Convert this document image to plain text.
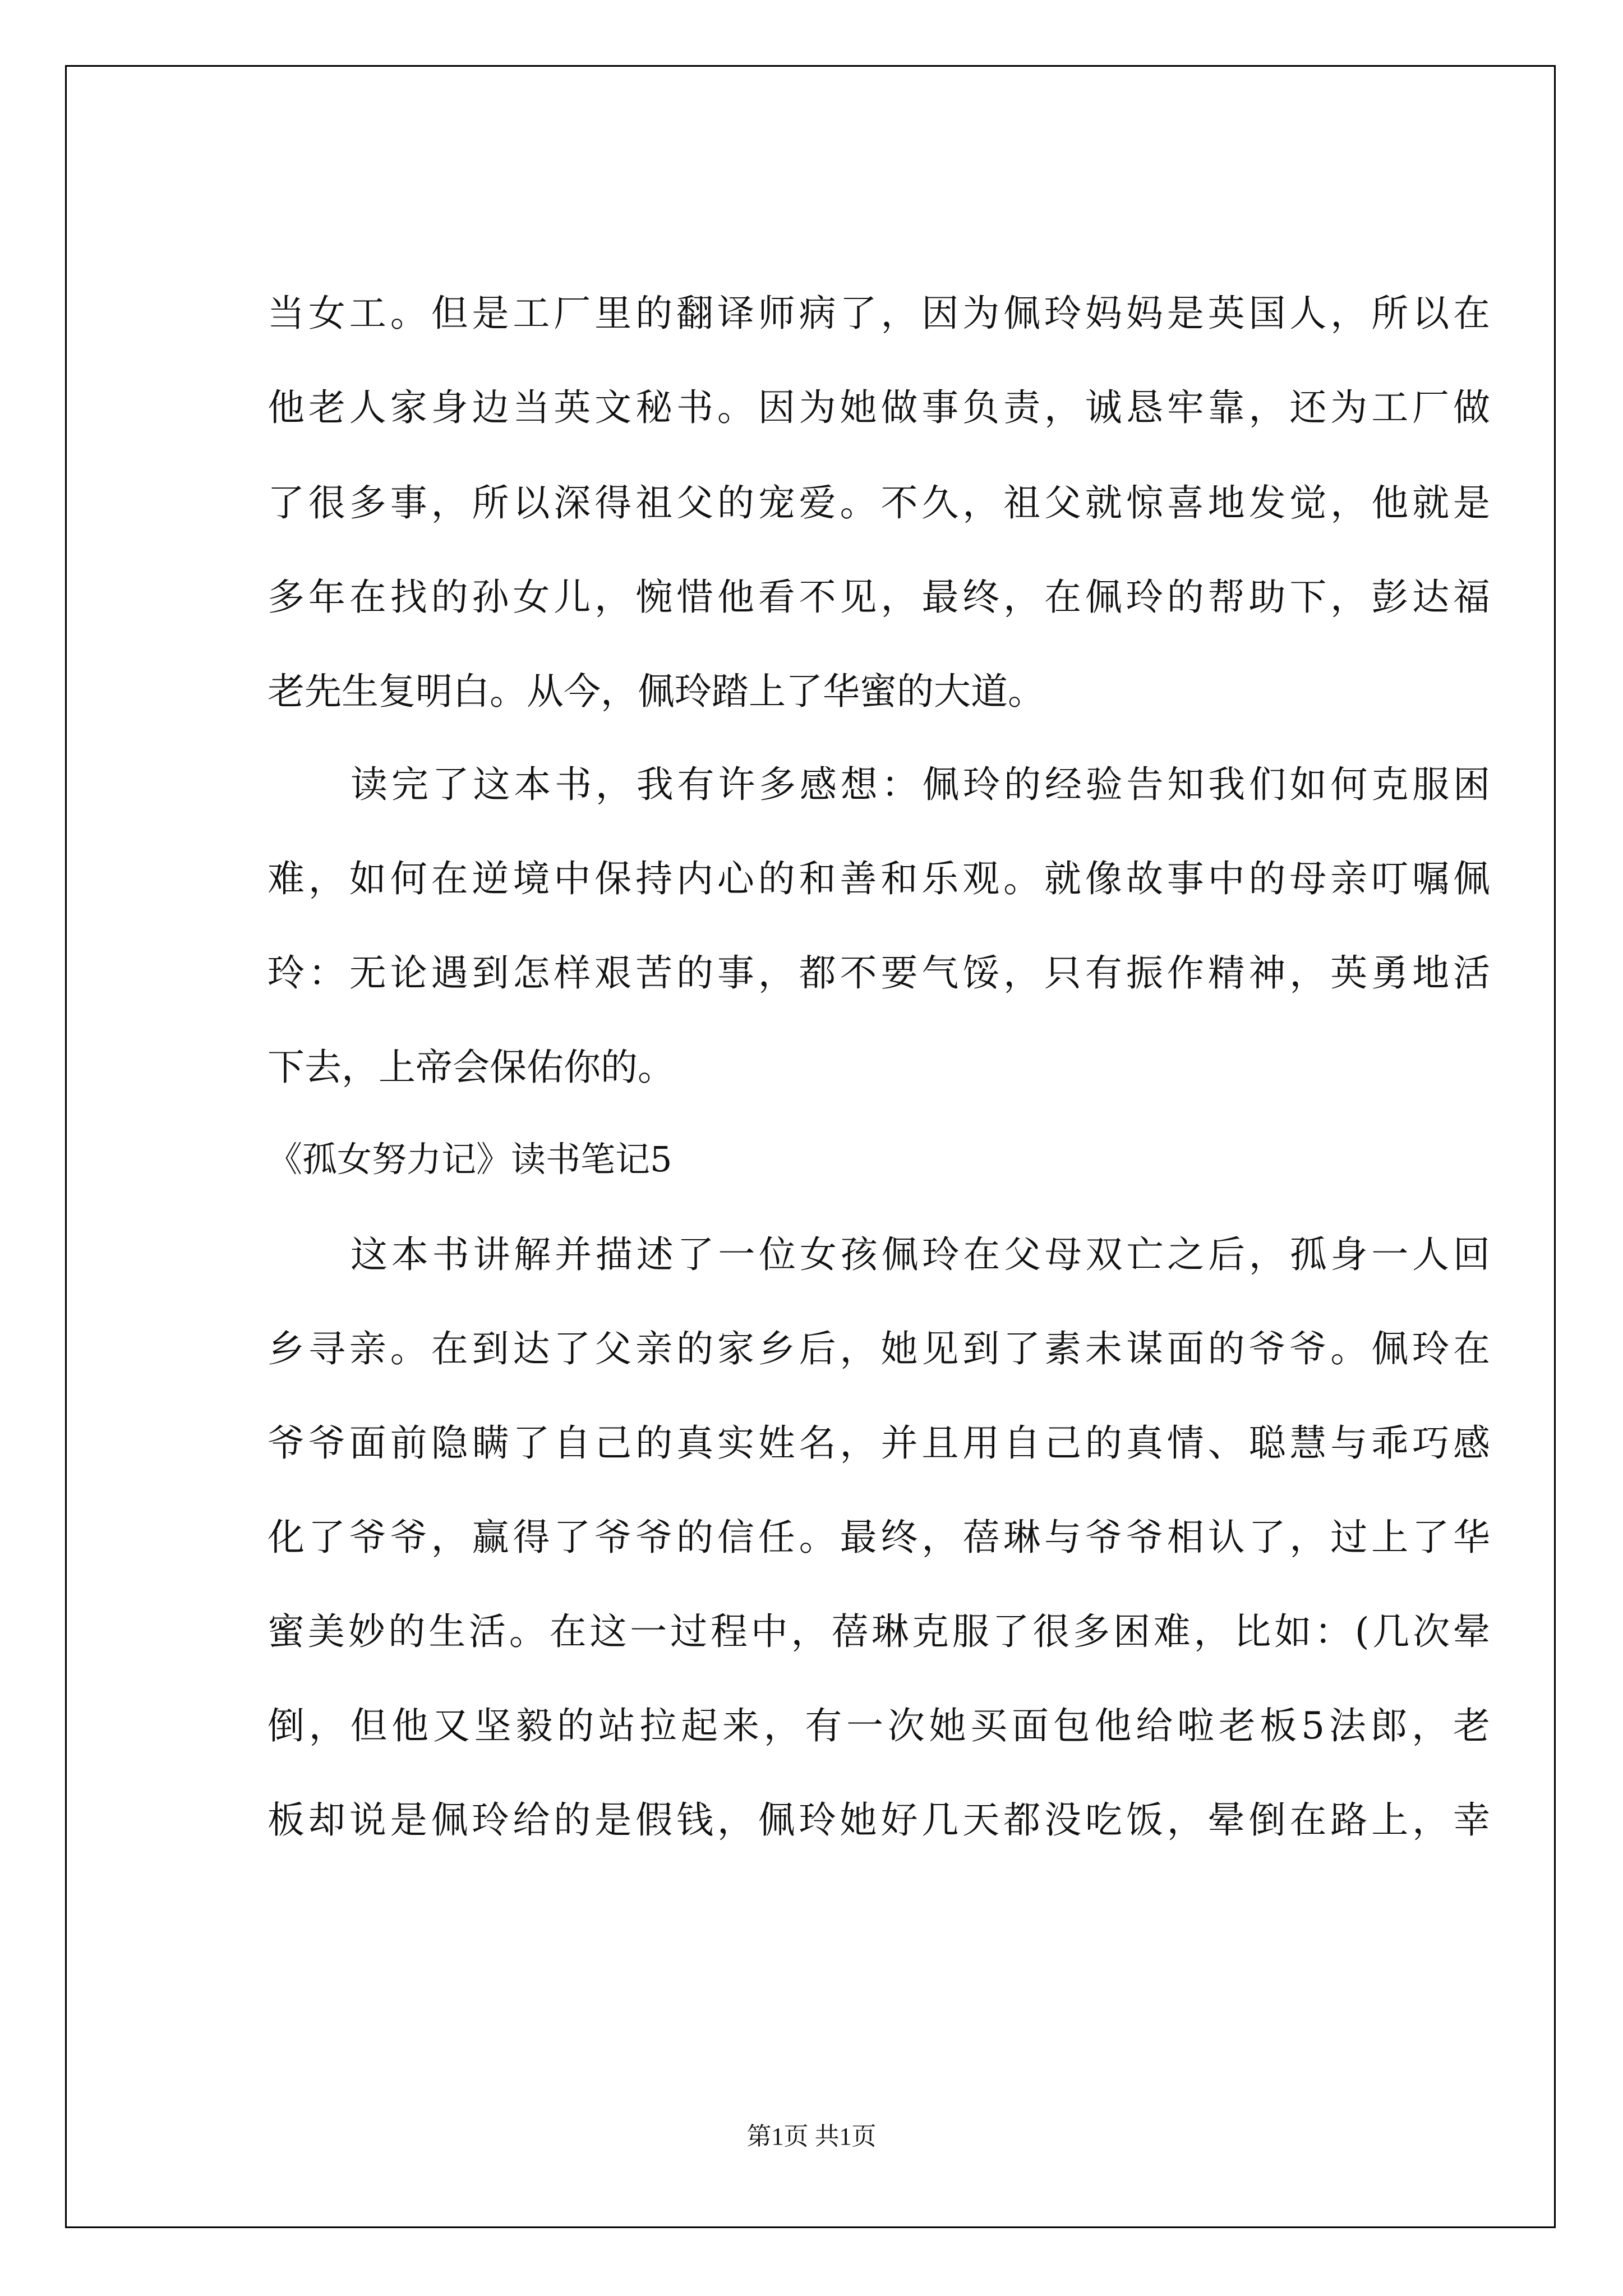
当女工。但是工厂里的翻译师病了，因为佩玲妈妈是英国人，所以在
他老人家身边当英文秘书。因为她做事负责，诚恳牢靠，还为工厂做
了很多事，所以深得祖父的宠爱。不久，祖父就惊喜地发觉，他就是
多年在找的孙女儿，惋惜他看不见，最终，在佩玲的帮助下，彭达福
老先生复明白。从今，佩玲踏上了华蜜的大道。
读完了这本书，我有许多感想：佩玲的经验告知我们如何克服困
难，如何在逆境中保持内心的和善和乐观。就像故事中的母亲叮嘱佩
玲：无论遇到怎样艰苦的事，都不要气馁，只有振作精神，英勇地活
下去，上帝会保佑你的。
《孤女努力记》读书笔记5
这本书讲解并描述了一位女孩佩玲在父母双亡之后，孤身一人回
乡寻亲。在到达了父亲的家乡后，她见到了素未谋面的爷爷。佩玲在
爷爷面前隐瞒了自己的真实姓名，并且用自己的真情、聪慧与乖巧感
化了爷爷，赢得了爷爷的信任。最终，蓓琳与爷爷相认了，过上了华
蜜美妙的生活。在这一过程中，蓓琳克服了很多困难，比如：(几次晕
倒，但他又坚毅的站拉起来，有一次她买面包他给啦老板5法郎，老
板却说是佩玲给的是假钱，佩玲她好几天都没吃饭，晕倒在路上，幸
第1页 共1页
